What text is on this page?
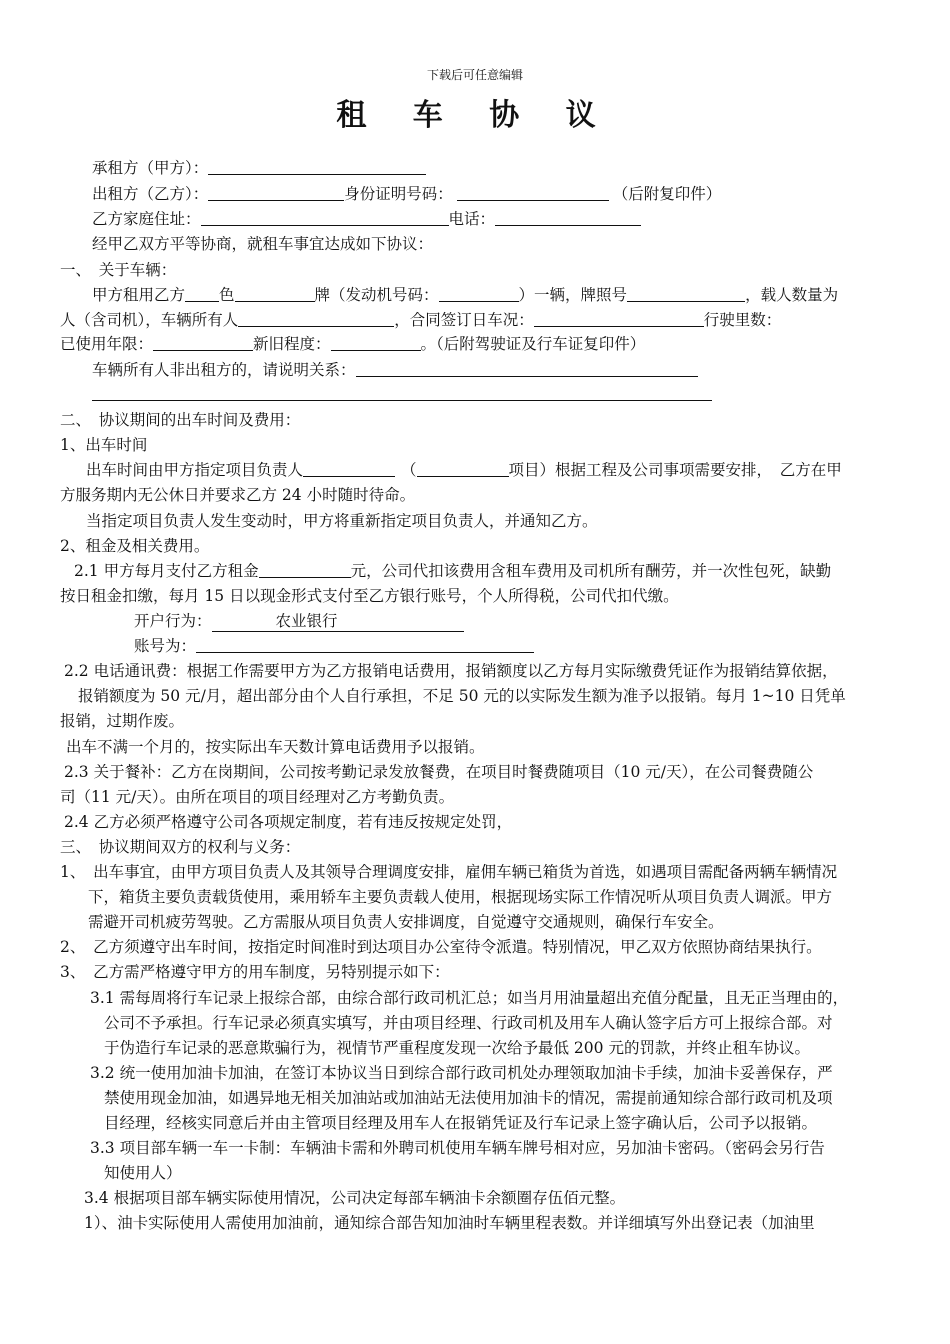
下载后可任意编辑
租 车 协 议
承租方（甲方）：
出租方（乙方）：	身份证明号码：	（后附复印件）
乙方家庭住址：	电话：
经甲乙双方平等协商，就租车事宜达成如下协议：
一、　关于车辆：
甲方租用乙方 色	牌（发动机号码：	）一辆，牌照号	，载人数量为
人（含司机），车辆所有人	，合同签订日车况：	行驶里数：
已使用年限：	新旧程度：	。（后附驾驶证及行车证复印件）
车辆所有人非出租方的，请说明关系：
二、　协议期间的出车时间及费用：
1、出车时间
出车时间由甲方指定项目负责人	（	项目）根据工程及公司事项需要安排，　乙方在甲
方服务期内无公休日并要求乙方 24 小时随时待命。
当指定项目负责人发生变动时，甲方将重新指定项目负责人，并通知乙方。
2、租金及相关费用。
2.1 甲方每月支付乙方租金	元，公司代扣该费用含租车费用及司机所有酬劳，并一次性包死，缺勤
按日租金扣缴，每月 15 日以现金形式支付至乙方银行账号，个人所得税，公司代扣代缴。
开户行为：	农业银行
账号为：
2.2 电话通讯费：根据工作需要甲方为乙方报销电话费用，报销额度以乙方每月实际缴费凭证作为报销结算依据，
报销额度为 50 元/月，超出部分由个人自行承担，不足 50 元的以实际发生额为准予以报销。每月 1~10 日凭单
报销，过期作废。
出车不满一个月的，按实际出车天数计算电话费用予以报销。
2.3 关于餐补：乙方在岗期间，公司按考勤记录发放餐费，在项目时餐费随项目（10 元/天），在公司餐费随公
司（11 元/天）。由所在项目的项目经理对乙方考勤负责。
2.4 乙方必须严格遵守公司各项规定制度，若有违反按规定处罚，
三、　协议期间双方的权利与义务：
1、　出车事宜，由甲方项目负责人及其领导合理调度安排，雇佣车辆已箱货为首选，如遇项目需配备两辆车辆情况
下，箱货主要负责载货使用，乘用轿车主要负责载人使用，根据现场实际工作情况听从项目负责人调派。甲方
需避开司机疲劳驾驶。乙方需服从项目负责人安排调度，自觉遵守交通规则，确保行车安全。
2、　乙方须遵守出车时间，按指定时间准时到达项目办公室待令派遣。特别情况，甲乙双方依照协商结果执行。
3、　乙方需严格遵守甲方的用车制度，另特别提示如下：
3.1 需每周将行车记录上报综合部，由综合部行政司机汇总；如当月用油量超出充值分配量，且无正当理由的，
公司不予承担。行车记录必须真实填写，并由项目经理、行政司机及用车人确认签字后方可上报综合部。对
于伪造行车记录的恶意欺骗行为，视情节严重程度发现一次给予最低 200 元的罚款，并终止租车协议。
3.2 统一使用加油卡加油，在签订本协议当日到综合部行政司机处办理领取加油卡手续，加油卡妥善保存，严
禁使用现金加油，如遇异地无相关加油站或加油站无法使用加油卡的情况，需提前通知综合部行政司机及项
目经理，经核实同意后并由主管项目经理及用车人在报销凭证及行车记录上签字确认后，公司予以报销。
3.3 项目部车辆一车一卡制：车辆油卡需和外聘司机使用车辆车牌号相对应，另加油卡密码。（密码会另行告
知使用人）
3.4 根据项目部车辆实际使用情况，公司决定每部车辆油卡余额圈存伍佰元整。
1）、油卡实际使用人需使用加油前，通知综合部告知加油时车辆里程表数。并详细填写外出登记表（加油里
